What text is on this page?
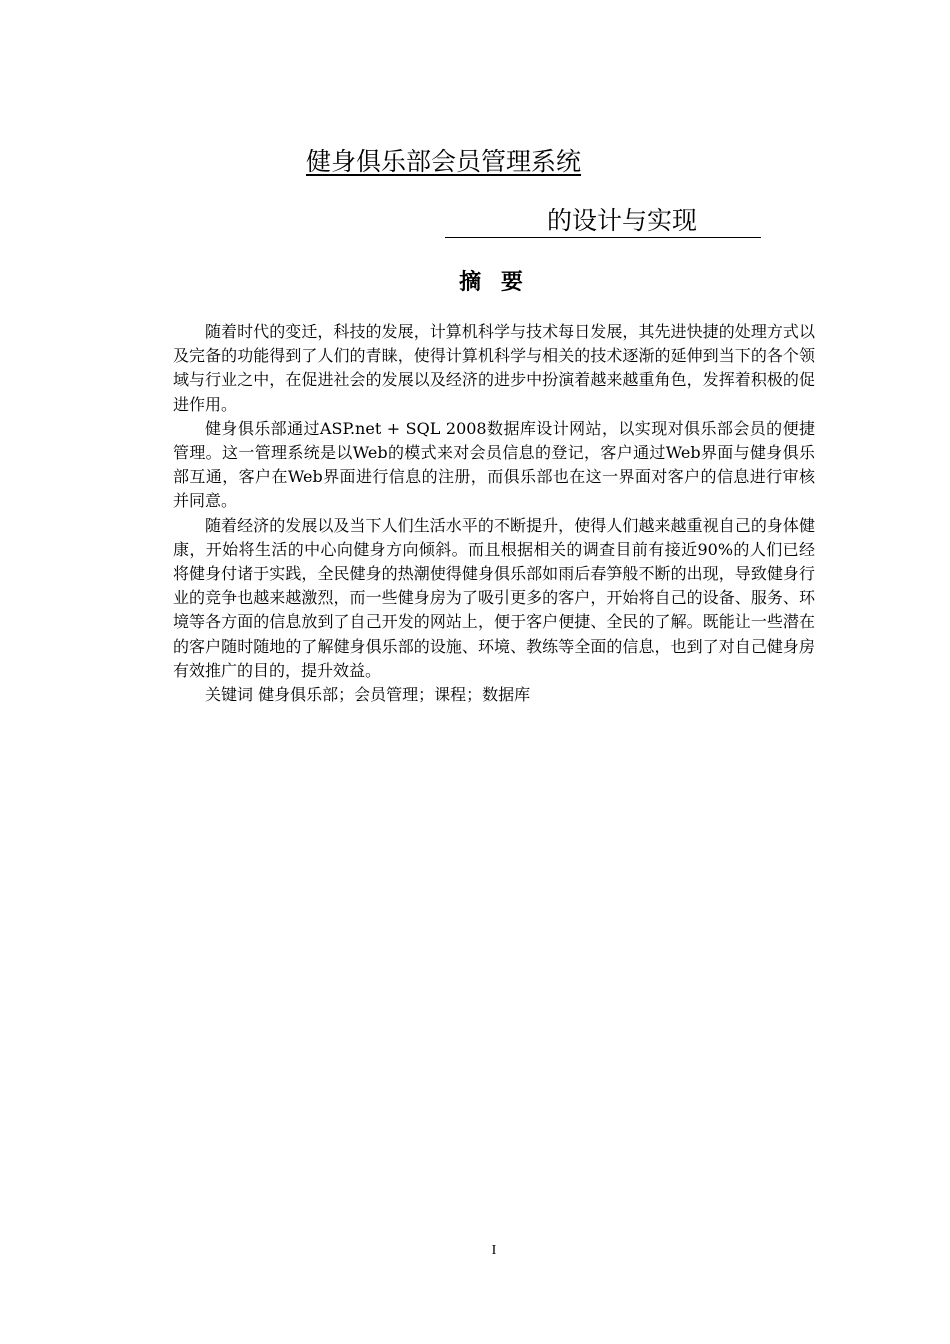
健身俱乐部会员管理系统
的设计与实现
摘 要

随着时代的变迁，科技的发展，计算机科学与技术每日发展，其先进快捷的处理方式以及完备的功能得到了人们的青睐，使得计算机科学与相关的技术逐渐的延伸到当下的各个领域与行业之中，在促进社会的发展以及经济的进步中扮演着越来越重角色，发挥着积极的促进作用。

健身俱乐部通过ASP.net + SQL 2008数据库设计网站，以实现对俱乐部会员的便捷管理。这一管理系统是以Web的模式来对会员信息的登记，客户通过Web界面与健身俱乐部互通，客户在Web界面进行信息的注册，而俱乐部也在这一界面对客户的信息进行审核并同意。

随着经济的发展以及当下人们生活水平的不断提升，使得人们越来越重视自己的身体健康，开始将生活的中心向健身方向倾斜。而且根据相关的调查目前有接近90%的人们已经将健身付诸于实践，全民健身的热潮使得健身俱乐部如雨后春笋般不断的出现，导致健身行业的竞争也越来越激烈，而一些健身房为了吸引更多的客户，开始将自己的设备、服务、环境等各方面的信息放到了自己开发的网站上，便于客户便捷、全民的了解。既能让一些潜在的客户随时随地的了解健身俱乐部的设施、环境、教练等全面的信息，也到了对自己健身房有效推广的目的，提升效益。

关键词 健身俱乐部；会员管理；课程；数据库

I
